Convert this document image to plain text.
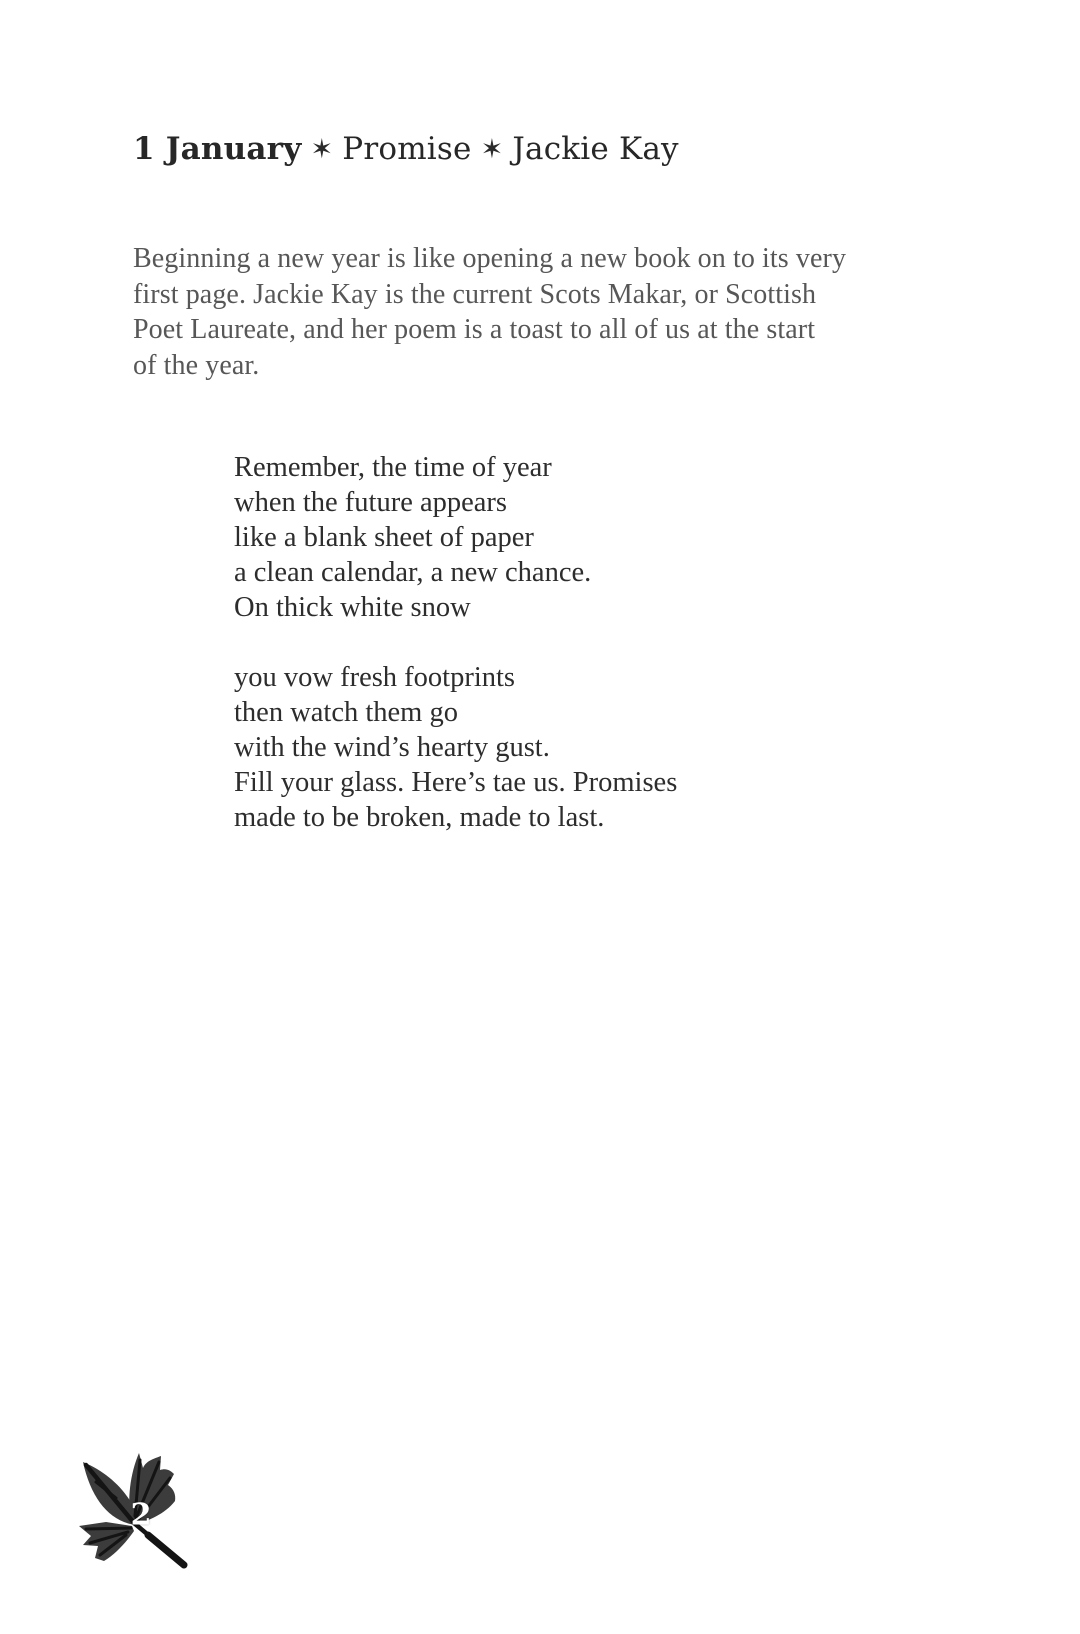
1 January ✶ Promise ✶ Jackie Kay

Beginning a new year is like opening a new book on to its very

first page. Jackie Kay is the current Scots Makar, or Scottish

Poet Laureate, and her poem is a toast to all of us at the start

of the year.

Remember, the time of year

when the future appears

like a blank sheet of paper

a clean calendar, a new chance.

On thick white snow

you vow fresh footprints

then watch them go

with the wind’s hearty gust.

Fill your glass. Here’s tae us. Promises

made to be broken, made to last.

2
